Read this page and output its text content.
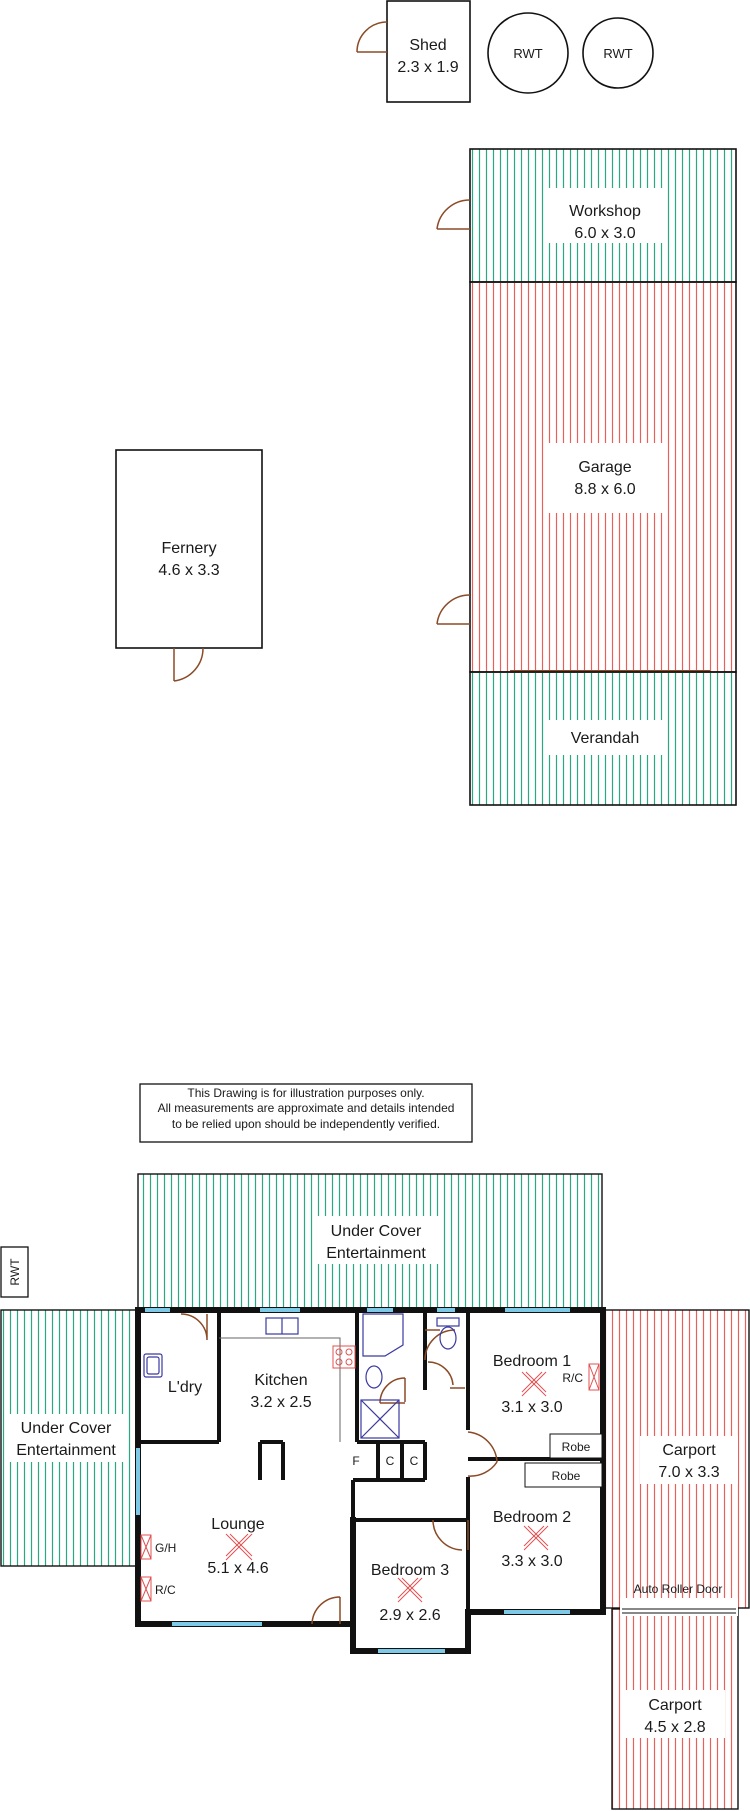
Shed
2.3 x 1.9
RWT	RWT
Workshop
6.0 x 3.0
Garage
8.8 x 6.0
Verandah
Fernery
4.6 x 3.3
This Drawing is for illustration purposes only.
All measurements are approximate and details intended
to be relied upon should be independently verified.
Under Cover
Entertainment
Under Cover
Entertainment
RWT
Carport
7.0 x 3.3
Carport
4.5 x 2.8
Auto Roller Door
Robe
Robe
L'dry	Kitchen
3.2 x 2.5
Lounge
5.1 x 4.6
Bedroom 1
3.1 x 3.0
Bedroom 2
3.3 x 3.0
Bedroom 3
2.9 x 2.6
F C C
G/H
R/C
R/C
